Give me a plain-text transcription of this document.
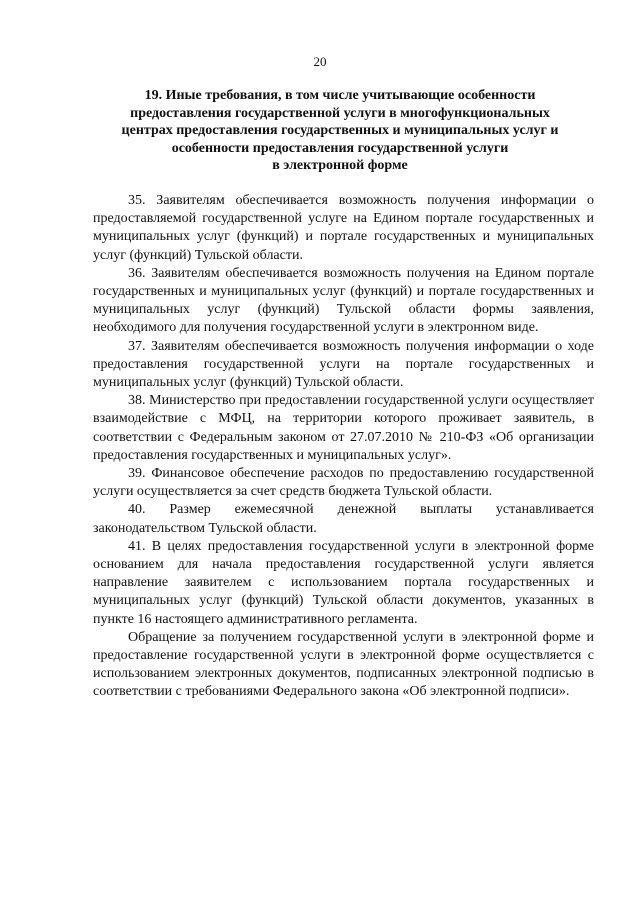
20
19. Иные требования, в том числе учитывающие особенности
предоставления государственной услуги в многофункциональных
центрах предоставления государственных и муниципальных услуг и
особенности предоставления государственной услуги
в электронной форме

35. Заявителям обеспечивается возможность получения информации о предоставляемой государственной услуге на Едином портале государственных и муниципальных услуг (функций) и портале государственных и муниципальных услуг (функций) Тульской области.

36. Заявителям обеспечивается возможность получения на Едином портале государственных и муниципальных услуг (функций) и портале государственных и муниципальных услуг (функций) Тульской области формы заявления, необходимого для получения государственной услуги в электронном виде.

37. Заявителям обеспечивается возможность получения информации о ходе предоставления государственной услуги на портале государственных и муниципальных услуг (функций) Тульской области.

38. Министерство при предоставлении государственной услуги осуществляет взаимодействие с МФЦ, на территории которого проживает заявитель, в соответствии с Федеральным законом от 27.07.2010 № 210-ФЗ «Об организации предоставления государственных и муниципальных услуг».

39. Финансовое обеспечение расходов по предоставлению государственной услуги осуществляется за счет средств бюджета Тульской области.

40. Размер ежемесячной денежной выплаты устанавливается законодательством Тульской области.

41. В целях предоставления государственной услуги в электронной форме основанием для начала предоставления государственной услуги является направление заявителем с использованием портала государственных и муниципальных услуг (функций) Тульской области документов, указанных в пункте 16 настоящего административного регламента.

Обращение за получением государственной услуги в электронной форме и предоставление государственной услуги в электронной форме осуществляется с использованием электронных документов, подписанных электронной подписью в соответствии с требованиями Федерального закона «Об электронной подписи».
